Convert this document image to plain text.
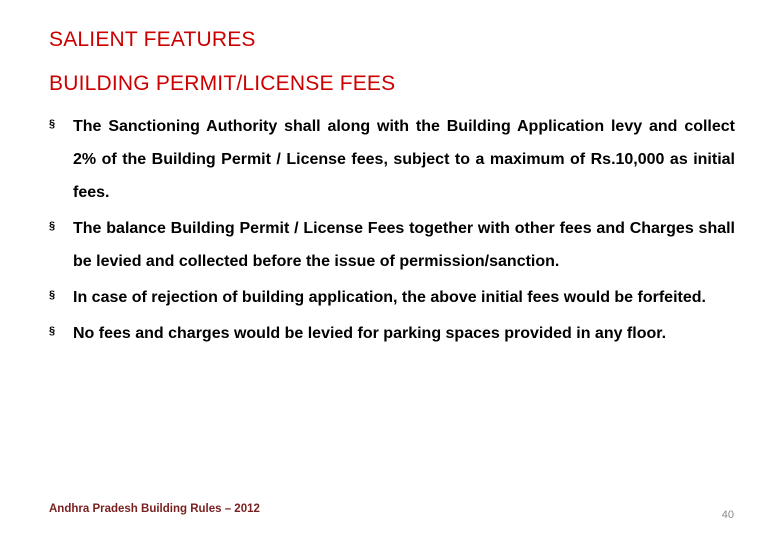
SALIENT FEATURES
BUILDING PERMIT/LICENSE FEES
§ The Sanctioning Authority shall along with the Building Application levy and collect 2% of the Building Permit / License fees, subject to a maximum of Rs.10,000 as initial fees.
§ The balance Building Permit / License Fees together with other fees and Charges shall be levied and collected before the issue of permission/sanction.
§ In case of rejection of building application, the above initial fees would be forfeited.
§ No fees and charges would be levied for parking spaces provided in any floor.

Andhra Pradesh Building Rules – 2012	40
